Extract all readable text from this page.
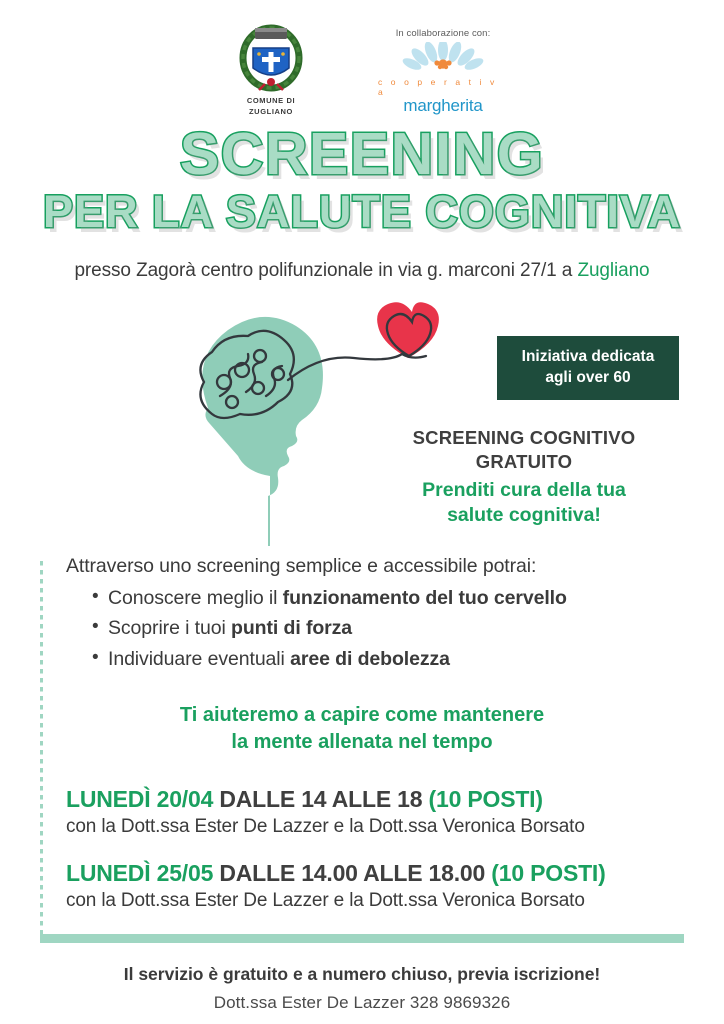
COMUNE DI
ZUGLIANO
In collaborazione con:
c o o p e r a t i v a
margherita
SCREENING
PER LA SALUTE COGNITIVA
presso Zagorà centro polifunzionale in via g. marconi 27/1 a Zugliano
Iniziativa dedicata
agli over 60
SCREENING COGNITIVO
GRATUITO
Prenditi cura della tua
salute cognitiva!
Attraverso uno screening semplice e accessibile potrai:
• Conoscere meglio il funzionamento del tuo cervello
• Scoprire i tuoi punti di forza
• Individuare eventuali aree di debolezza
Ti aiuteremo a capire come mantenere
la mente allenata nel tempo
LUNEDÌ 20/04 DALLE 14 ALLE 18 (10 POSTI)
con la Dott.ssa Ester De Lazzer e la Dott.ssa Veronica Borsato
LUNEDÌ 25/05 DALLE 14.00 ALLE 18.00 (10 POSTI)
con la Dott.ssa Ester De Lazzer e la Dott.ssa Veronica Borsato
Il servizio è gratuito e a numero chiuso, previa iscrizione!
Dott.ssa Ester De Lazzer 328 9869326
